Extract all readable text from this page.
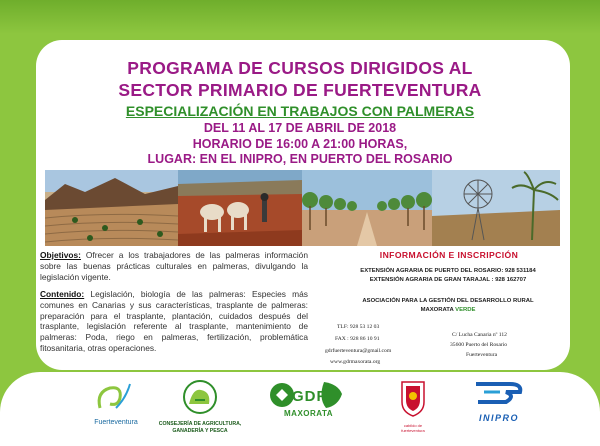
PROGRAMA DE CURSOS DIRIGIDOS AL
SECTOR PRIMARIO DE FUERTEVENTURA
ESPECIALIZACIÓN EN TRABAJOS CON PALMERAS
DEL 11 AL 17 DE ABRIL DE 2018
HORARIO DE 16:00 A 21:00 HORAS,
LUGAR: EN EL INIPRO, EN PUERTO DEL ROSARIO
Objetivos: Ofrecer a los trabajadores de las palmeras información sobre las buenas prácticas culturales en palmeras, divulgando la legislación vigente.
Contenido: Legislación, biología de las palmeras: Especies más comunes en Canarias y sus características, trasplante de palmeras: preparación para el trasplante, plantación, cuidados después del trasplante, legislación referente al trasplante, mantenimiento de palmeras: Poda, riego en palmeras, fertilización, problemática fitosanitaria, otras operaciones.
INFORMACIÓN E INSCRIPCIÓN
EXTENSIÓN AGRARIA DE PUERTO DEL ROSARIO: 928 531184
EXTENSIÓN AGRARIA DE GRAN TARAJAL : 928 162707
ASOCIACIÓN PARA LA GESTIÓN DEL DESARROLLO RURAL
MAXORATA VERDE
TLF: 928 53 12 03
FAX : 928 86 10 91
gdrfuerteventura@gmail.com
www.gdrmaxorata.org
C/ Lucha Canaria nº 112
35600 Puerto del Rosario
Fuerteventura
Fuerteventura	CONSEJERÍA DE AGRICULTURA,
GANADERÍA Y PESCA
GDR
MAXORATA
cabildo de fuerteventura
INIPRO
